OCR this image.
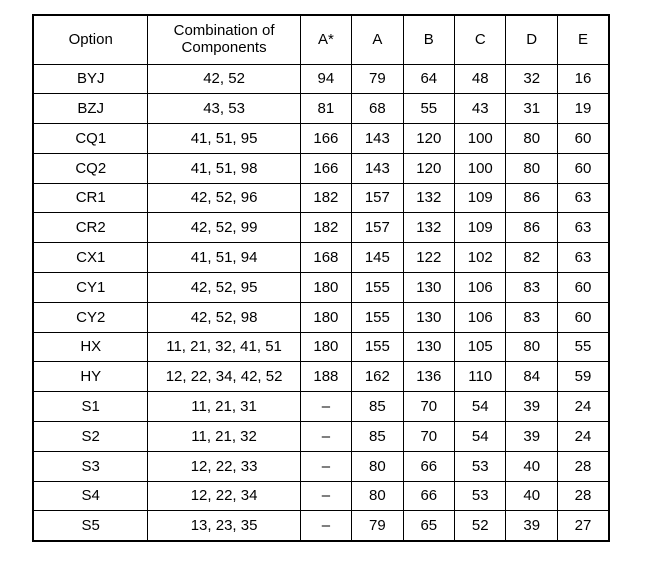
Option	Combination of Components	A*	A	B	C	D	E
BYJ	42, 52	94	79	64	48	32	16
BZJ	43, 53	81	68	55	43	31	19
CQ1	41, 51, 95	166	143	120	100	80	60
CQ2	41, 51, 98	166	143	120	100	80	60
CR1	42, 52, 96	182	157	132	109	86	63
CR2	42, 52, 99	182	157	132	109	86	63
CX1	41, 51, 94	168	145	122	102	82	63
CY1	42, 52, 95	180	155	130	106	83	60
CY2	42, 52, 98	180	155	130	106	83	60
HX	11, 21, 32, 41, 51	180	155	130	105	80	55
HY	12, 22, 34, 42, 52	188	162	136	110	84	59
S1	11, 21, 31	–	85	70	54	39	24
S2	11, 21, 32	–	85	70	54	39	24
S3	12, 22, 33	–	80	66	53	40	28
S4	12, 22, 34	–	80	66	53	40	28
S5	13, 23, 35	–	79	65	52	39	27
